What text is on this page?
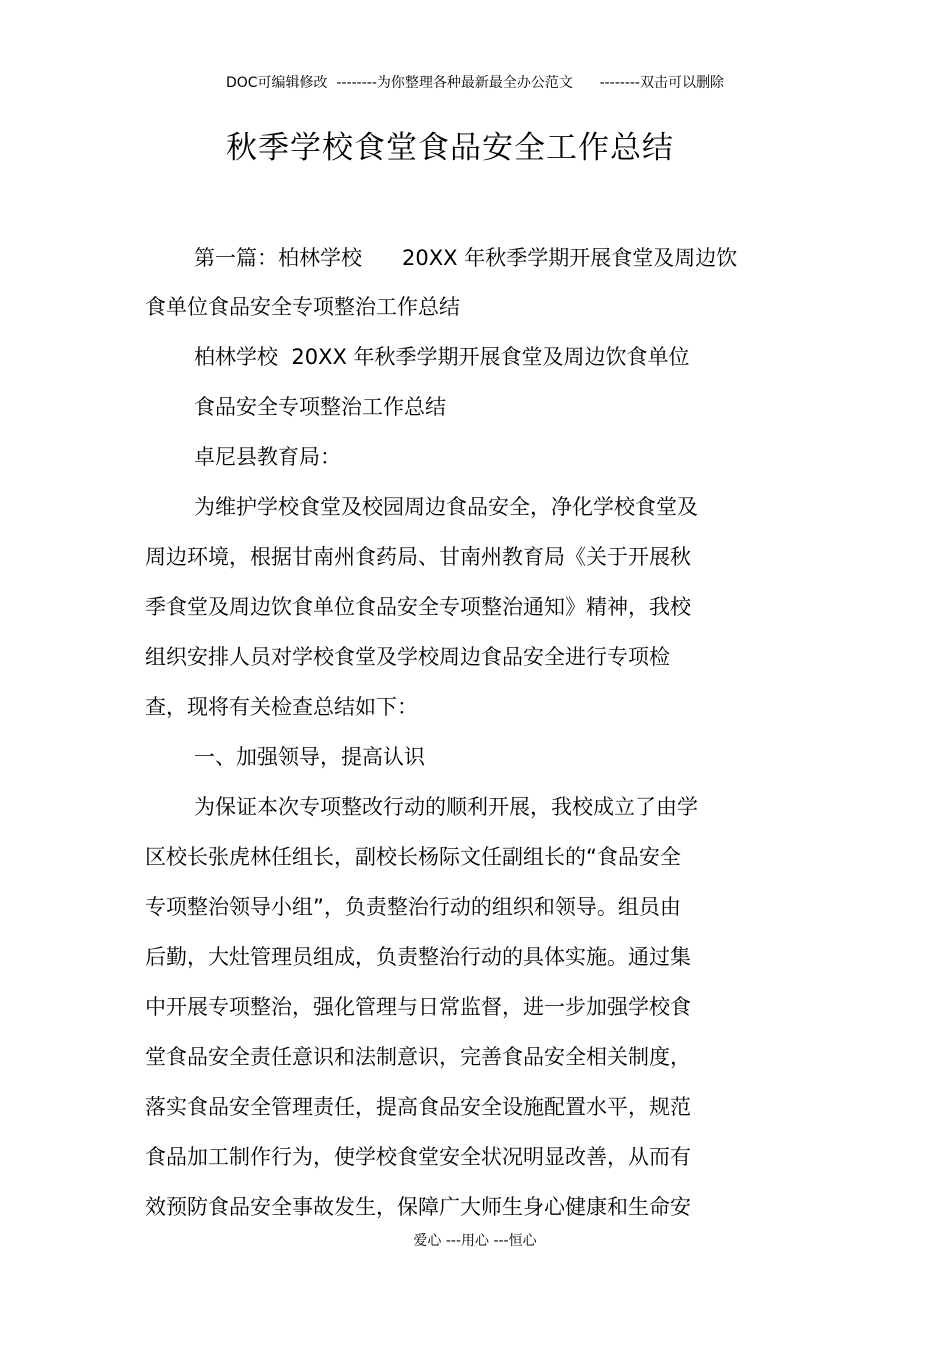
DOC可编辑修改  --------为你整理各种最新最全办公范文      --------双击可以删除
秋季学校食堂食品安全工作总结
第一篇：柏林学校      20XX 年秋季学期开展食堂及周边饮
食单位食品安全专项整治工作总结
柏林学校  20XX 年秋季学期开展食堂及周边饮食单位
食品安全专项整治工作总结
卓尼县教育局：
为维护学校食堂及校园周边食品安全，净化学校食堂及
周边环境，根据甘南州食药局、甘南州教育局《关于开展秋
季食堂及周边饮食单位食品安全专项整治通知》精神，我校
组织安排人员对学校食堂及学校周边食品安全进行专项检
查，现将有关检查总结如下：
一、加强领导，提高认识
为保证本次专项整改行动的顺利开展，我校成立了由学
区校长张虎林任组长，副校长杨际文任副组长的“食品安全
专项整治领导小组”，负责整治行动的组织和领导。组员由
后勤，大灶管理员组成，负责整治行动的具体实施。通过集
中开展专项整治，强化管理与日常监督，进一步加强学校食
堂食品安全责任意识和法制意识，完善食品安全相关制度，
落实食品安全管理责任，提高食品安全设施配置水平，规范
食品加工制作行为，使学校食堂安全状况明显改善，从而有
效预防食品安全事故发生，保障广大师生身心健康和生命安
爱心 ---用心 ---恒心
